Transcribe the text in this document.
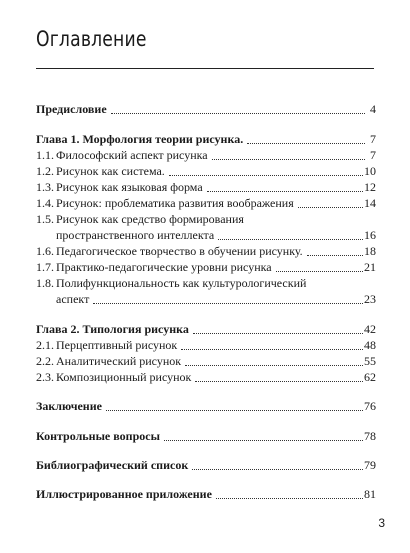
Оглавление
Предисловие	4
Глава 1. Морфология теории рисунка.	7
1.1. Философский аспект рисунка	7
1.2. Рисунок как система.	10
1.3. Рисунок как языковая форма	12
1.4. Рисунок: проблематика развития воображения	14
1.5. Рисунок как средство формирования
пространственного интеллекта	16
1.6. Педагогическое творчество в обучении рисунку.	18
1.7. Практико-педагогические уровни рисунка	21
1.8. Полифункциональность как культурологический
аспект	23
Глава 2. Типология рисунка	42
2.1. Перцептивный рисунок	48
2.2. Аналитический рисунок	55
2.3. Композиционный рисунок	62
Заключение	76
Контрольные вопросы	78
Библиографический список	79
Иллюстрированное приложение	81
3
